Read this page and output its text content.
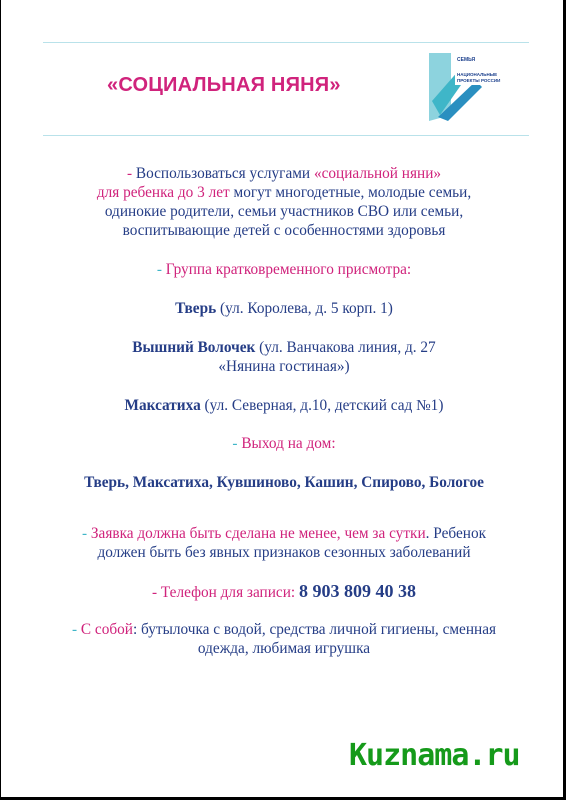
«СОЦИАЛЬНАЯ НЯНЯ»
СЕМЬЯ
НАЦИОНАЛЬНЫЕ ПРОЕКТЫ РОССИИ

- Воспользоваться услугами «социальной няни»
для ребенка до 3 лет могут многодетные, молодые семьи,
одинокие родители, семьи участников СВО или семьи,
воспитывающие детей с особенностями здоровья

- Группа кратковременного присмотра:

Тверь (ул. Королева, д. 5 корп. 1)

Вышний Волочек (ул. Ванчакова линия, д. 27
«Нянина гостиная»)

Максатиха (ул. Северная, д.10, детский сад №1)

- Выход на дом:

Тверь, Максатиха, Кувшиново, Кашин, Спирово, Бологое

- Заявка должна быть сделана не менее, чем за сутки. Ребенок
должен быть без явных признаков сезонных заболеваний

- Телефон для записи: 8 903 809 40 38

- С собой: бутылочка с водой, средства личной гигиены, сменная
одежда, любимая игрушка

Kuznama.ru
